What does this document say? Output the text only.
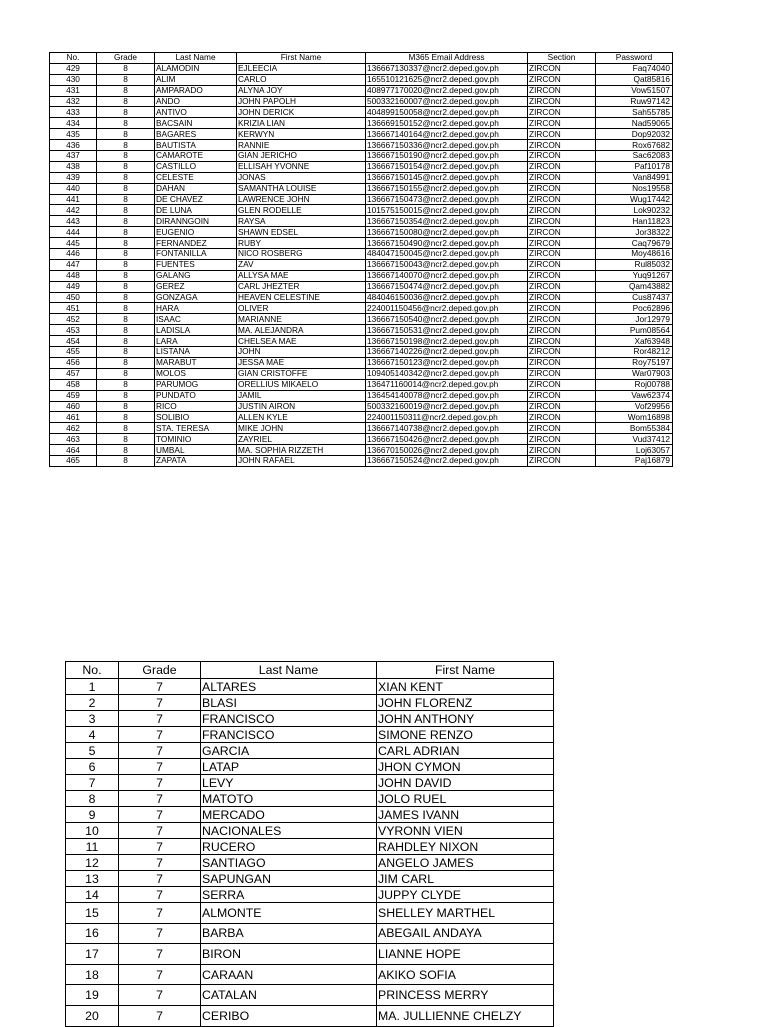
No.	Grade	Last Name	First Name	M365 Email Address	Section	Password
429	8	ALAMODIN	EJLEECIA	136667130337@ncr2.deped.gov.ph	ZIRCON	Faq74040
430	8	ALIM	CARLO	165510121625@ncr2.deped.gov.ph	ZIRCON	Qat85816
431	8	AMPARADO	ALYNA JOY	408977170020@ncr2.deped.gov.ph	ZIRCON	Vow51507
432	8	ANDO	JOHN PAPOLH	500332160007@ncr2.deped.gov.ph	ZIRCON	Ruw97142
433	8	ANTIVO	JOHN DERICK	404899150058@ncr2.deped.gov.ph	ZIRCON	Sah55785
434	8	BACSAIN	KRIZIA LIAN	136669150152@ncr2.deped.gov.ph	ZIRCON	Nad59065
435	8	BAGARES	KERWYN	136667140164@ncr2.deped.gov.ph	ZIRCON	Dop92032
436	8	BAUTISTA	RANNIE	136667150336@ncr2.deped.gov.ph	ZIRCON	Rox67682
437	8	CAMAROTE	GIAN JERICHO	136667150190@ncr2.deped.gov.ph	ZIRCON	Sac62083
438	8	CASTILLO	ELLISAH YVONNE	136667150154@ncr2.deped.gov.ph	ZIRCON	Paf10178
439	8	CELESTE	JONAS	136667150145@ncr2.deped.gov.ph	ZIRCON	Van84991
440	8	DAHAN	SAMANTHA LOUISE	136667150155@ncr2.deped.gov.ph	ZIRCON	Nos19558
441	8	DE CHAVEZ	LAWRENCE JOHN	136667150473@ncr2.deped.gov.ph	ZIRCON	Wug17442
442	8	DE LUNA	GLEN RODELLE	101575150015@ncr2.deped.gov.ph	ZIRCON	Lok90232
443	8	DIRANNGOIN	RAYSA	136667150354@ncr2.deped.gov.ph	ZIRCON	Han11823
444	8	EUGENIO	SHAWN EDSEL	136667150080@ncr2.deped.gov.ph	ZIRCON	Jor38322
445	8	FERNANDEZ	RUBY	136667150490@ncr2.deped.gov.ph	ZIRCON	Caq79679
446	8	FONTANILLA	NICO ROSBERG	484047150045@ncr2.deped.gov.ph	ZIRCON	Moy48616
447	8	FUENTES	ZAV	136667150043@ncr2.deped.gov.ph	ZIRCON	Rul85032
448	8	GALANG	ALLYSA MAE	136667140070@ncr2.deped.gov.ph	ZIRCON	Yuq91267
449	8	GEREZ	CARL JHEZTER	136667150474@ncr2.deped.gov.ph	ZIRCON	Qam43882
450	8	GONZAGA	HEAVEN CELESTINE	484046150036@ncr2.deped.gov.ph	ZIRCON	Cus87437
451	8	HARA	OLIVER	224001150456@ncr2.deped.gov.ph	ZIRCON	Poc62896
452	8	ISAAC	MARIANNE	136667150540@ncr2.deped.gov.ph	ZIRCON	Jor12979
453	8	LADISLA	MA. ALEJANDRA	136667150531@ncr2.deped.gov.ph	ZIRCON	Pum08564
454	8	LARA	CHELSEA MAE	136667150198@ncr2.deped.gov.ph	ZIRCON	Xaf63948
455	8	LISTANA	JOHN	136667140226@ncr2.deped.gov.ph	ZIRCON	Ror48212
456	8	MARABUT	JESSA MAE	136667150123@ncr2.deped.gov.ph	ZIRCON	Roy75197
457	8	MOLOS	GIAN CRISTOFFE	109405140342@ncr2.deped.gov.ph	ZIRCON	War07903
458	8	PARUMOG	ORELLIUS MIKAELO	136471160014@ncr2.deped.gov.ph	ZIRCON	Roj00788
459	8	PUNDATO	JAMIL	136454140078@ncr2.deped.gov.ph	ZIRCON	Vaw62374
460	8	RICO	JUSTIN AIRON	500332160019@ncr2.deped.gov.ph	ZIRCON	Vof29956
461	8	SOLIBIO	ALLEN KYLE	224001150311@ncr2.deped.gov.ph	ZIRCON	Wom16898
462	8	STA. TERESA	MIKE JOHN	136667140738@ncr2.deped.gov.ph	ZIRCON	Bom55384
463	8	TOMINIO	ZAYRIEL	136667150426@ncr2.deped.gov.ph	ZIRCON	Vud37412
464	8	UMBAL	MA. SOPHIA RIZZETH	136670150026@ncr2.deped.gov.ph	ZIRCON	Loj63057
465	8	ZAPATA	JOHN RAFAEL	136667150524@ncr2.deped.gov.ph	ZIRCON	Paj16879
No.	Grade	Last Name	First Name
1	7	ALTARES	XIAN KENT
2	7	BLASI	JOHN FLORENZ
3	7	FRANCISCO	JOHN ANTHONY
4	7	FRANCISCO	SIMONE RENZO
5	7	GARCIA	CARL ADRIAN
6	7	LATAP	JHON CYMON
7	7	LEVY	JOHN DAVID
8	7	MATOTO	JOLO RUEL
9	7	MERCADO	JAMES IVANN
10	7	NACIONALES	VYRONN VIEN
11	7	RUCERO	RAHDLEY NIXON
12	7	SANTIAGO	ANGELO JAMES
13	7	SAPUNGAN	JIM CARL
14	7	SERRA	JUPPY CLYDE
15	7	ALMONTE	SHELLEY MARTHEL
16	7	BARBA	ABEGAIL ANDAYA
17	7	BIRON	LIANNE HOPE
18	7	CARAAN	AKIKO SOFIA
19	7	CATALAN	PRINCESS MERRY
20	7	CERIBO	MA. JULLIENNE CHELZY
